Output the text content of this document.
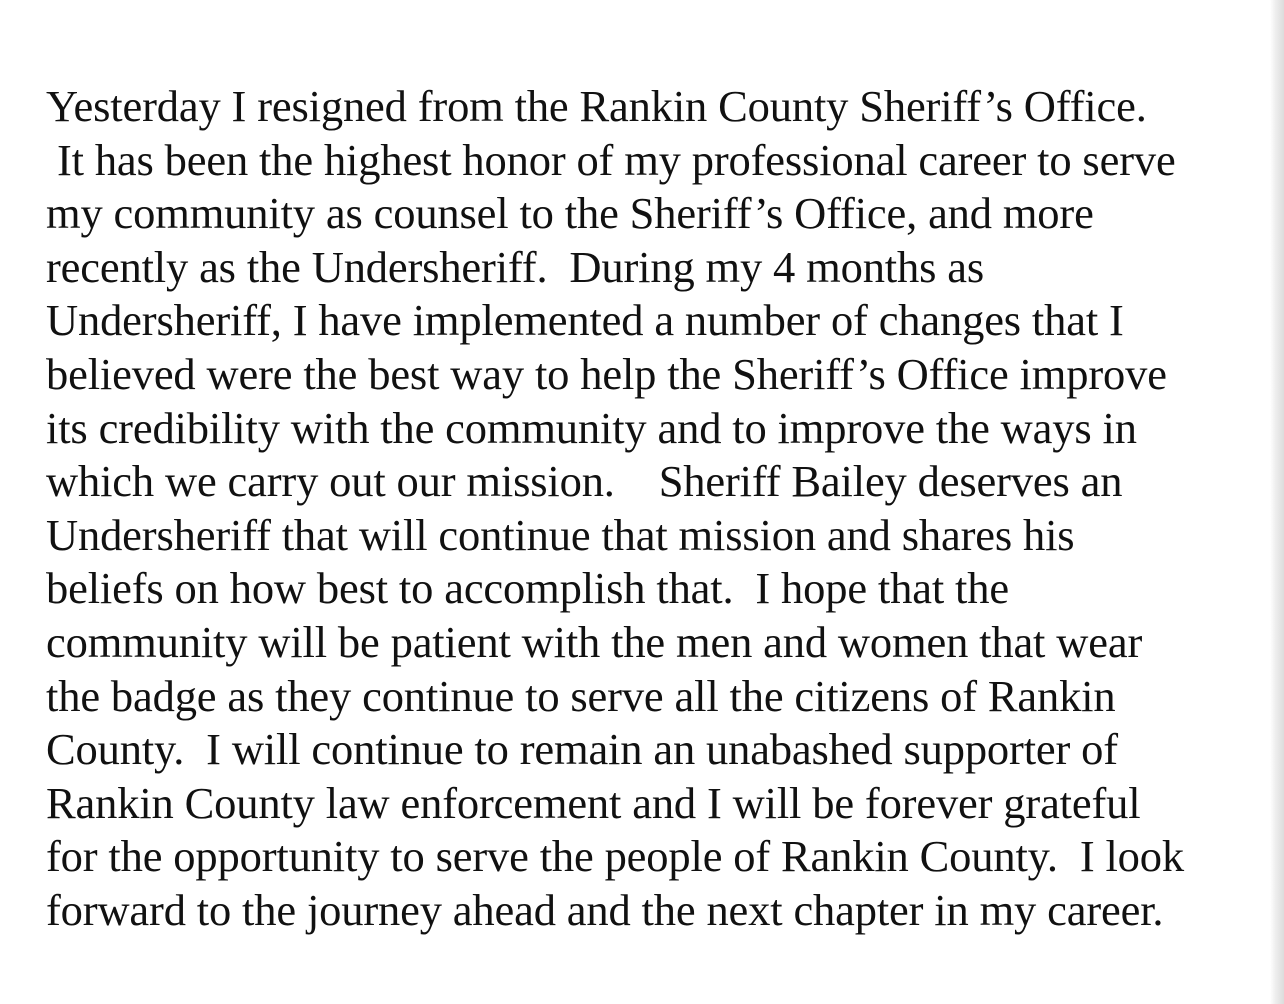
Yesterday I resigned from the Rankin County Sheriff’s Office.
It has been the highest honor of my professional career to serve
my community as counsel to the Sheriff’s Office, and more
recently as the Undersheriff.  During my 4 months as
Undersheriff, I have implemented a number of changes that I
believed were the best way to help the Sheriff’s Office improve
its credibility with the community and to improve the ways in
which we carry out our mission.    Sheriff Bailey deserves an
Undersheriff that will continue that mission and shares his
beliefs on how best to accomplish that.  I hope that the
community will be patient with the men and women that wear
the badge as they continue to serve all the citizens of Rankin
County.  I will continue to remain an unabashed supporter of
Rankin County law enforcement and I will be forever grateful
for the opportunity to serve the people of Rankin County.  I look
forward to the journey ahead and the next chapter in my career.
